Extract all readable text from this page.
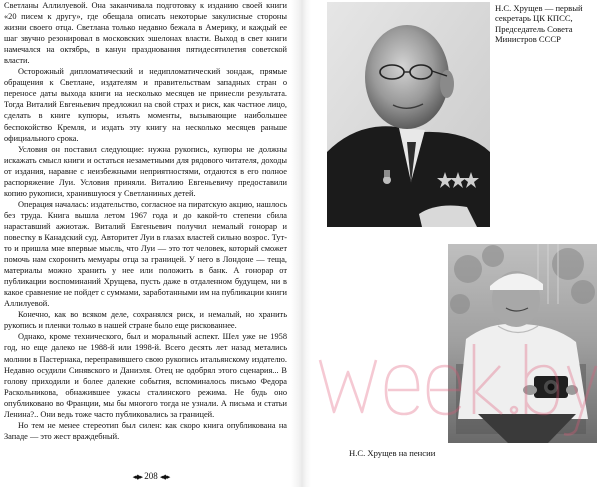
Светланы Аллилуевой. Она заканчивала подготовку к изданию своей книги «20 писем к другу», где обещала описать некоторые закулисные стороны жизни своего отца. Светлана только недавно бежала в Америку, и каждый ее шаг звучно резонировал в московских эшелонах власти. Выход в свет книги намечался на октябрь, в канун празднования пятидесятилетия советской власти.

Осторожный дипломатический и недипломатический зондаж, прямые обращения к Светлане, издателям и правительствам западных стран о переносе даты выхода книги на несколько месяцев не принесли результата. Тогда Виталий Евгеньевич предложил на свой страх и риск, как частное лицо, сделать в книге купюры, изъять моменты, вызывающие наибольшее беспокойство Кремля, и издать эту книгу на несколько месяцев раньше официального срока.

Условия он поставил следующие: нужна рукопись, купюры не должны искажать смысл книги и остаться незаметными для рядового читателя, доходы от издания, наравне с неизбежными неприятностями, отдаются в его полное распоряжение Луи. Условия приняли. Виталию Евгеньевичу предоставили копию рукописи, хранившуюся у Светланиных детей.

Операция началась: издательство, согласное на пиратскую акцию, нашлось без труда. Книга вышла летом 1967 года и до какой-то степени сбила нараставший ажиотаж. Виталий Евгеньевич получил немалый гонорар и повестку в Канадский суд. Авторитет Луи в глазах властей сильно возрос. Тут-то и пришла мне впервые мысль, что Луи — это тот человек, который сможет помочь нам схоронить мемуары отца за границей. У него в Лондоне — теща, материалы можно хранить у нее или положить в банк. А гонорар от публикации воспоминаний Хрущева, пусть даже в отдаленном будущем, ни в какое сравнение не пойдет с суммами, заработанными им на публикации книги Аллилуевой.

Конечно, как во всяком деле, сохранялся риск, и немалый, но хранить рукопись и пленки только в нашей стране было еще рискованнее.

Однако, кроме технического, был и моральный аспект. Шел уже не 1958 год, но еще далеко не 1988-й или 1998-й. Всего десять лет назад метались молнии в Пастернака, переправившего свою рукопись итальянскому издателю. Недавно осудили Синявского и Даниэля. Отец не одобрял этого сценария... В голову приходили и более далекие события, вспоминалось письмо Федора Раскольникова, обнажившее ужасы сталинского режима. Не будь оно опубликовано во Франции, мы бы многого тогда не узнали. А письма и статьи Ленина?.. Они ведь тоже часто публиковались за границей.

Но тем не менее стереотип был силен: как скоро книга опубликована на Западе — это жест враждебный.

◂◆▸ 208 ◂◆▸
Н.С. Хрущев — первый секретарь ЦК КПСС, Председатель Совета Министров СССР
Н.С. Хрущев на пенсии
